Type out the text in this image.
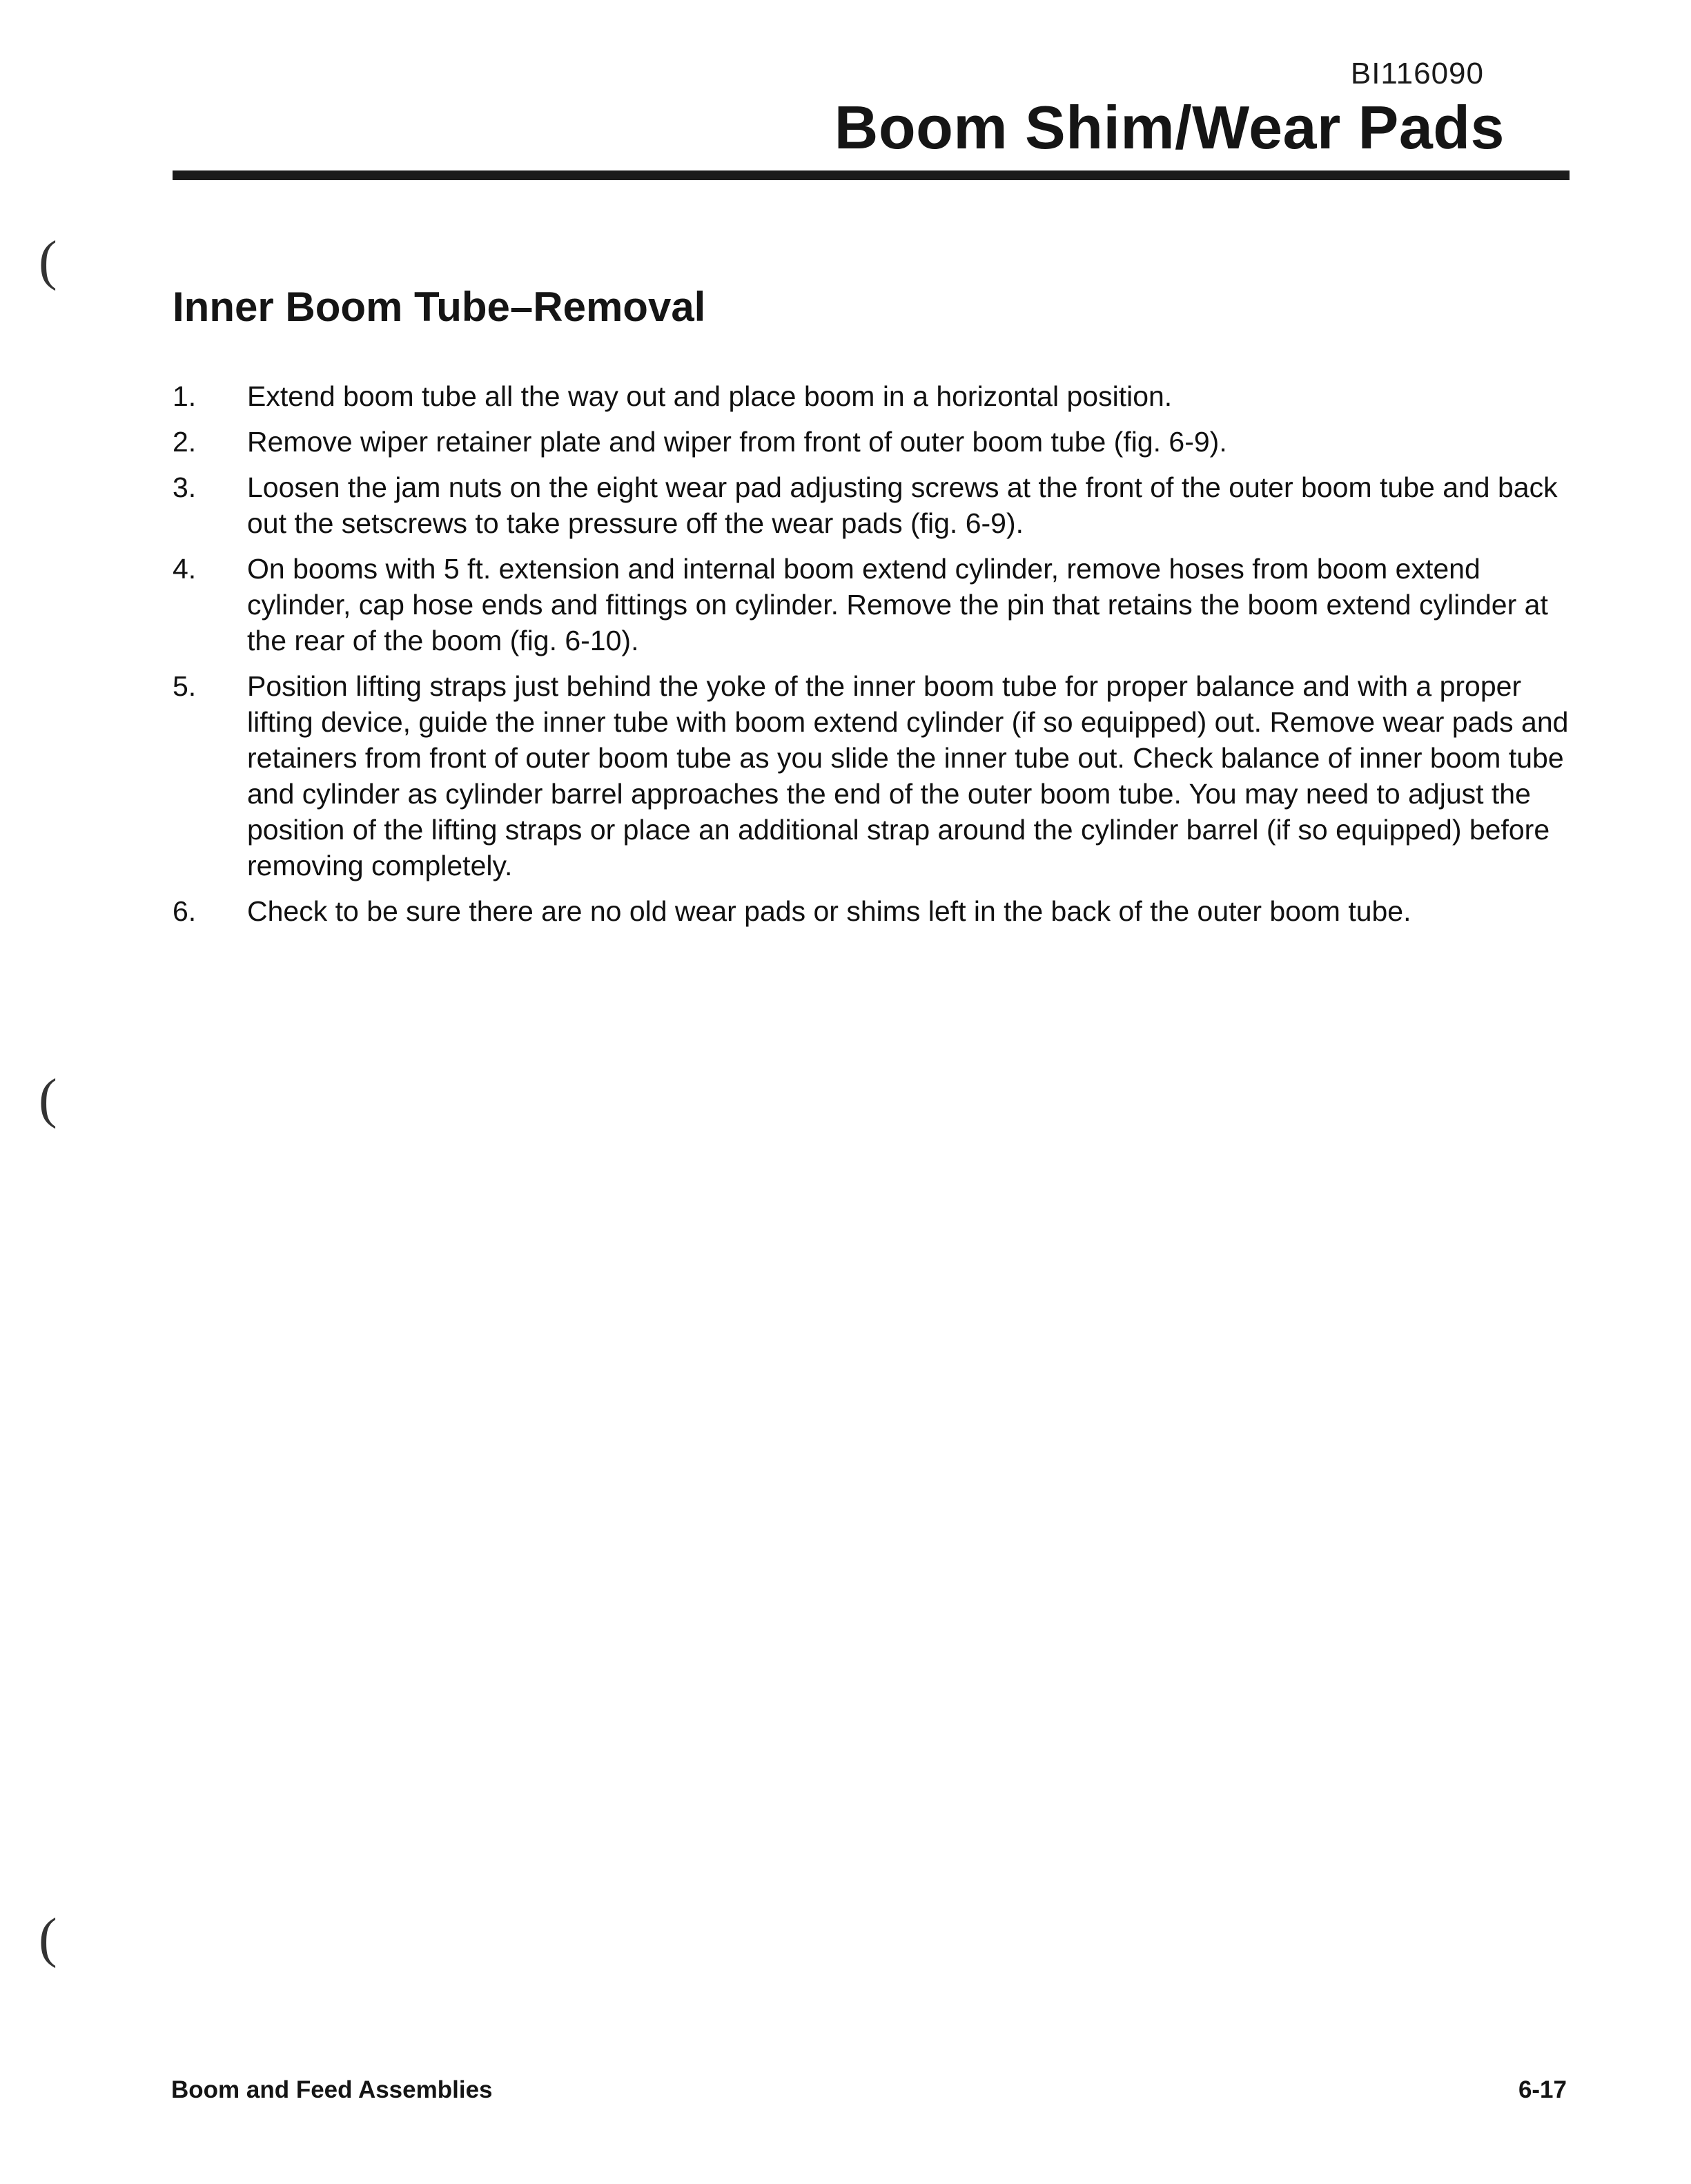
BI116090
Boom Shim/Wear Pads
(
(
(
Inner Boom Tube–Removal
1.	Extend boom tube all the way out and place boom in a horizontal position.
2.	Remove wiper retainer plate and wiper from front of outer boom tube (fig. 6-9).
3.	Loosen the jam nuts on the eight wear pad adjusting screws at the front of the outer boom tube and back out the setscrews to take pressure off the wear pads (fig. 6-9).
4.	On booms with 5 ft. extension and internal boom extend cylinder, remove hoses from boom extend cylinder, cap hose ends and fittings on cylinder. Remove the pin that retains the boom extend cylinder at the rear of the boom (fig. 6-10).
5.	Position lifting straps just behind the yoke of the inner boom tube for proper balance and with a proper lifting device, guide the inner tube with boom extend cylinder (if so equipped) out. Remove wear pads and retainers from front of outer boom tube as you slide the inner tube out. Check balance of inner boom tube and cylinder as cylinder barrel approaches the end of the outer boom tube. You may need to adjust the position of the lifting straps or place an additional strap around the cylinder barrel (if so equipped) before removing completely.
6.	Check to be sure there are no old wear pads or shims left in the back of the outer boom tube.
Boom and Feed Assemblies	6-17
